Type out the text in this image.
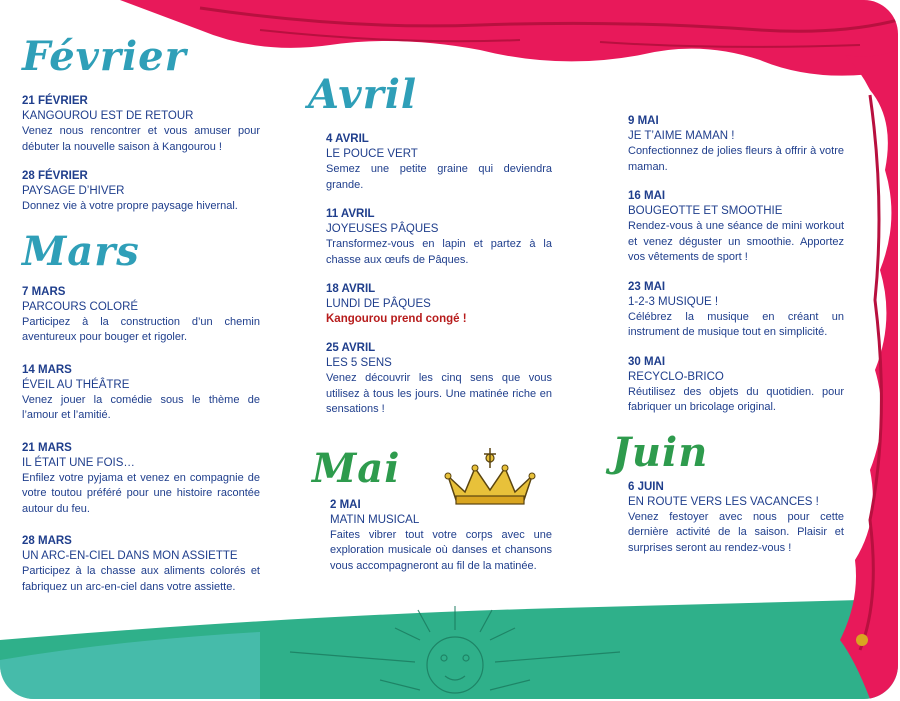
Février
21 FÉVRIER
KANGOUROU EST DE RETOUR
Venez nous rencontrer et vous amuser pour débuter la nouvelle saison à Kangourou !
28 FÉVRIER
PAYSAGE D’HIVER
Donnez vie à votre propre paysage hivernal.
Mars
7 MARS
PARCOURS COLORÉ
Participez à la construction d’un chemin aventureux pour bouger et rigoler.
14 MARS
ÉVEIL AU THÉÂTRE
Venez jouer la comédie sous le thème de l’amour et l’amitié.
21 MARS
IL ÉTAIT UNE FOIS…
Enfilez votre pyjama et venez en compagnie de votre toutou préféré pour une histoire racontée autour du feu.
28 MARS
UN ARC-EN-CIEL DANS MON ASSIETTE
Participez à la chasse aux aliments colorés et fabriquez un arc-en-ciel dans votre assiette.
Avril
4 AVRIL
LE POUCE VERT
Semez une petite graine qui deviendra grande.
11 AVRIL
JOYEUSES PÂQUES
Transformez-vous en lapin et partez à la chasse aux œufs de Pâques.
18 AVRIL
LUNDI DE PÂQUES
Kangourou prend congé !
25 AVRIL
LES 5 SENS
Venez découvrir les cinq sens que vous utilisez à tous les jours. Une matinée riche en sensations !
Mai
2 MAI
MATIN MUSICAL
Faites vibrer tout votre corps avec une exploration musicale où danses et chansons vous accompagneront au fil de la matinée.
9 MAI
JE T’AIME MAMAN !
Confectionnez de jolies fleurs à offrir à votre maman.
16 MAI
BOUGEOTTE ET SMOOTHIE
Rendez-vous à une séance de mini workout et venez déguster un smoothie. Apportez vos vêtements de sport !
23 MAI
1-2-3 MUSIQUE !
Célébrez la musique en créant un instrument de musique tout en simplicité.
30 MAI
RECYCLO-BRICO
Réutilisez des objets du quotidien. pour fabriquer un bricolage original.
Juin
6 JUIN
EN ROUTE VERS LES VACANCES !
Venez festoyer avec nous pour cette dernière activité de la saison. Plaisir et surprises seront au rendez-vous !
